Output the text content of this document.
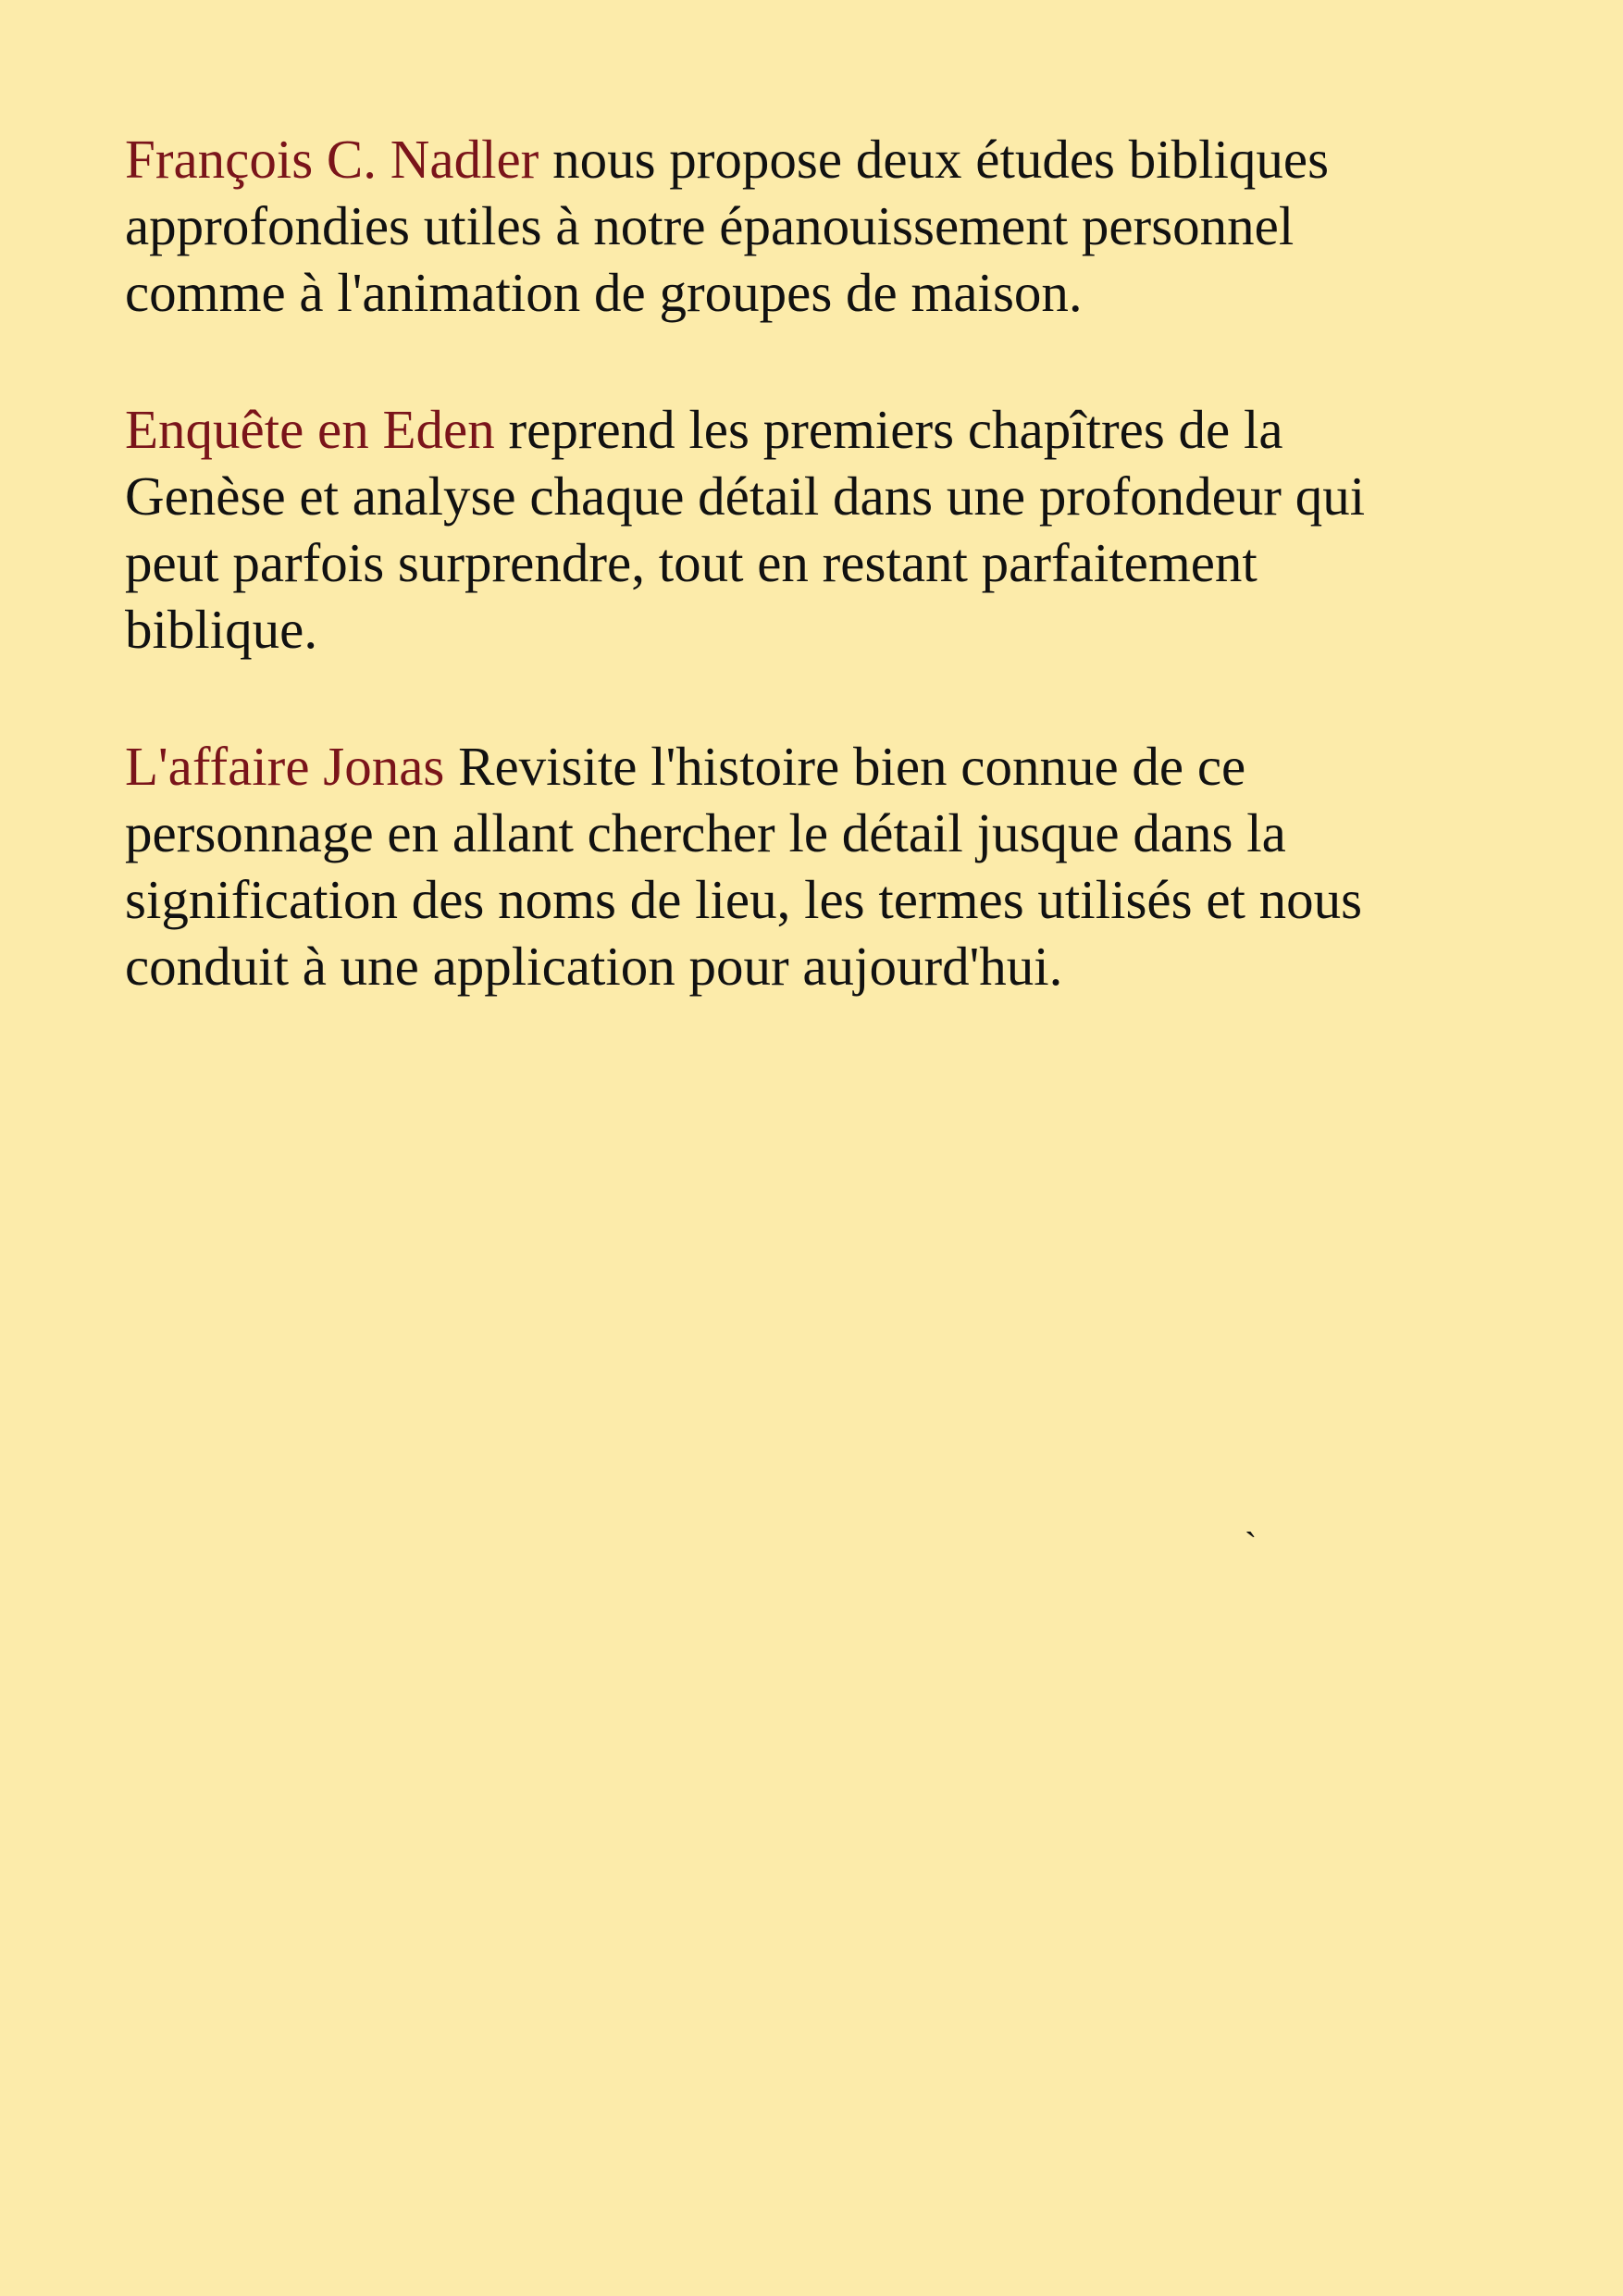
François C. Nadler nous propose deux études bibliques
approfondies utiles à notre épanouissement personnel
comme à l'animation de groupes de maison.

Enquête en Eden reprend les premiers chapîtres de la
Genèse et analyse chaque détail dans une profondeur qui
peut parfois surprendre, tout en restant parfaitement
biblique.

L'affaire Jonas Revisite l'histoire bien connue de ce
personnage en allant chercher le détail jusque dans la
signification des noms de lieu, les termes utilisés et nous
conduit à une application pour aujourd'hui.

`
